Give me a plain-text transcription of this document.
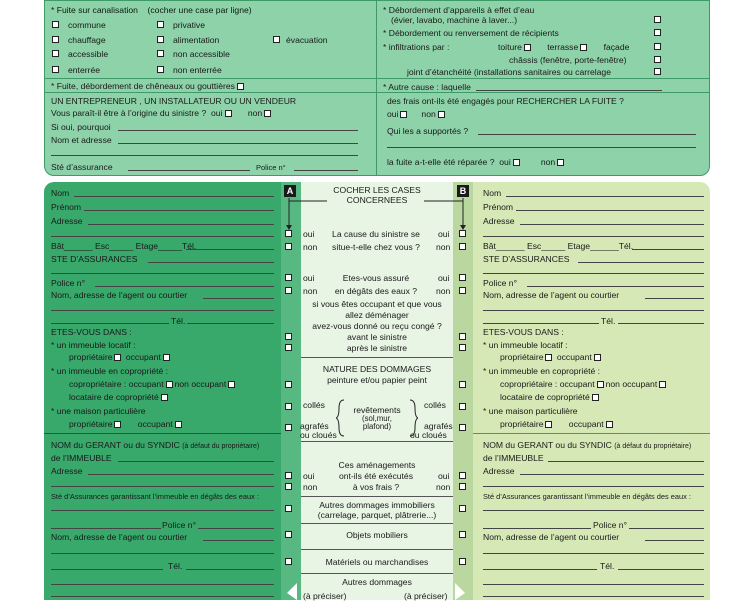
* Fuite sur canalisation (cocher une case par ligne)
commune	privative
chauffage	alimentation	évacuation
accessible	non accessible
enterrée	non enterrée
* Fuite, débordement de chêneaux ou gouttières
UN ENTREPRENEUR , UN INSTALLATEUR OU UN VENDEUR
Vous paraît-il être à l’origine du sinistre ? oui	non
Si oui, pourquoi
Nom et adresse
Sté d’assurance	Police n°
* Débordement d’appareils à effet d’eau
(évier, lavabo, machine à laver...)
* Débordement ou renversement de récipients
* infiltrations par :	toiture	terrasse	façade
châssis (fenêtre, porte-fenêtre)
joint d’étanchéité (installations sanitaires ou carrelage
* Autre cause : laquelle
des frais ont-ils été engagés pour RECHERCHER LA FUITE ?
oui	non
Qui les a supportés ?
la fuite a-t-elle été réparée ? oui	non
Nom
Prénom
Adresse
Bât______ Esc_____ Etage_____Tél.
STE D’ASSURANCES
Police n°
Nom, adresse de l’agent ou courtier
Tél.
ETES-VOUS DANS :
* un immeuble locatif :
propriétaire occupant
* un immeuble en copropriété :
copropriétaire : occupant non occupant
locataire de copropriété
* une maison particulière
propriétaire	occupant
NOM du GERANT ou du SYNDIC (à défaut du propriétaire)
de l’IMMEUBLE
Adresse
Sté d’Assurances garantissant l’immeuble en dégâts des eaux :
Police n°
Nom, adresse de l’agent ou courtier
Tél.
Nom
Prénom
Adresse
Bât______ Esc_____ Etage______Tél.
STE D’ASSURANCES
Police n°
Nom, adresse de l’agent ou courtier
Tél.
ETES-VOUS DANS :
* un immeuble locatif :
propriétaire occupant
* un immeuble en copropriété :
copropriétaire : occupant non occupant
locataire de copropriété
* une maison particulière
propriétaire	occupant
NOM du GERANT ou du SYNDIC (à défaut du propriétaire)
de l’IMMEUBLE
Adresse
Sté d’Assurances garantissant l’immeuble en dégâts des eaux :
Police n°
Nom, adresse de l’agent ou courtier
Tél.
A	B
COCHER LES CASES
CONCERNEES
oui	La cause du sinistre se	oui
non	situe-t-elle chez vous ?	non
oui	Etes-vous assuré	oui
non	en dégâts des eaux ?	non
si vous êtes occupant et que vous
allez déménager
avez-vous donné ou reçu congé ?
avant le sinistre
après le sinistre
NATURE DES DOMMAGES
peinture et/ou papier peint
collés	collés
revêtements
(sol,mur,
plafond)
agrafés
ou cloués
agrafés
ou cloués
Ces aménagements
oui	ont-ils été exécutés	oui
non	à vos frais ?	non
Autres dommages immobiliers
(carrelage, parquet, plâtrerie...)
Objets mobiliers
Matériels ou marchandises
Autres dommages
(à préciser)	(à préciser)
